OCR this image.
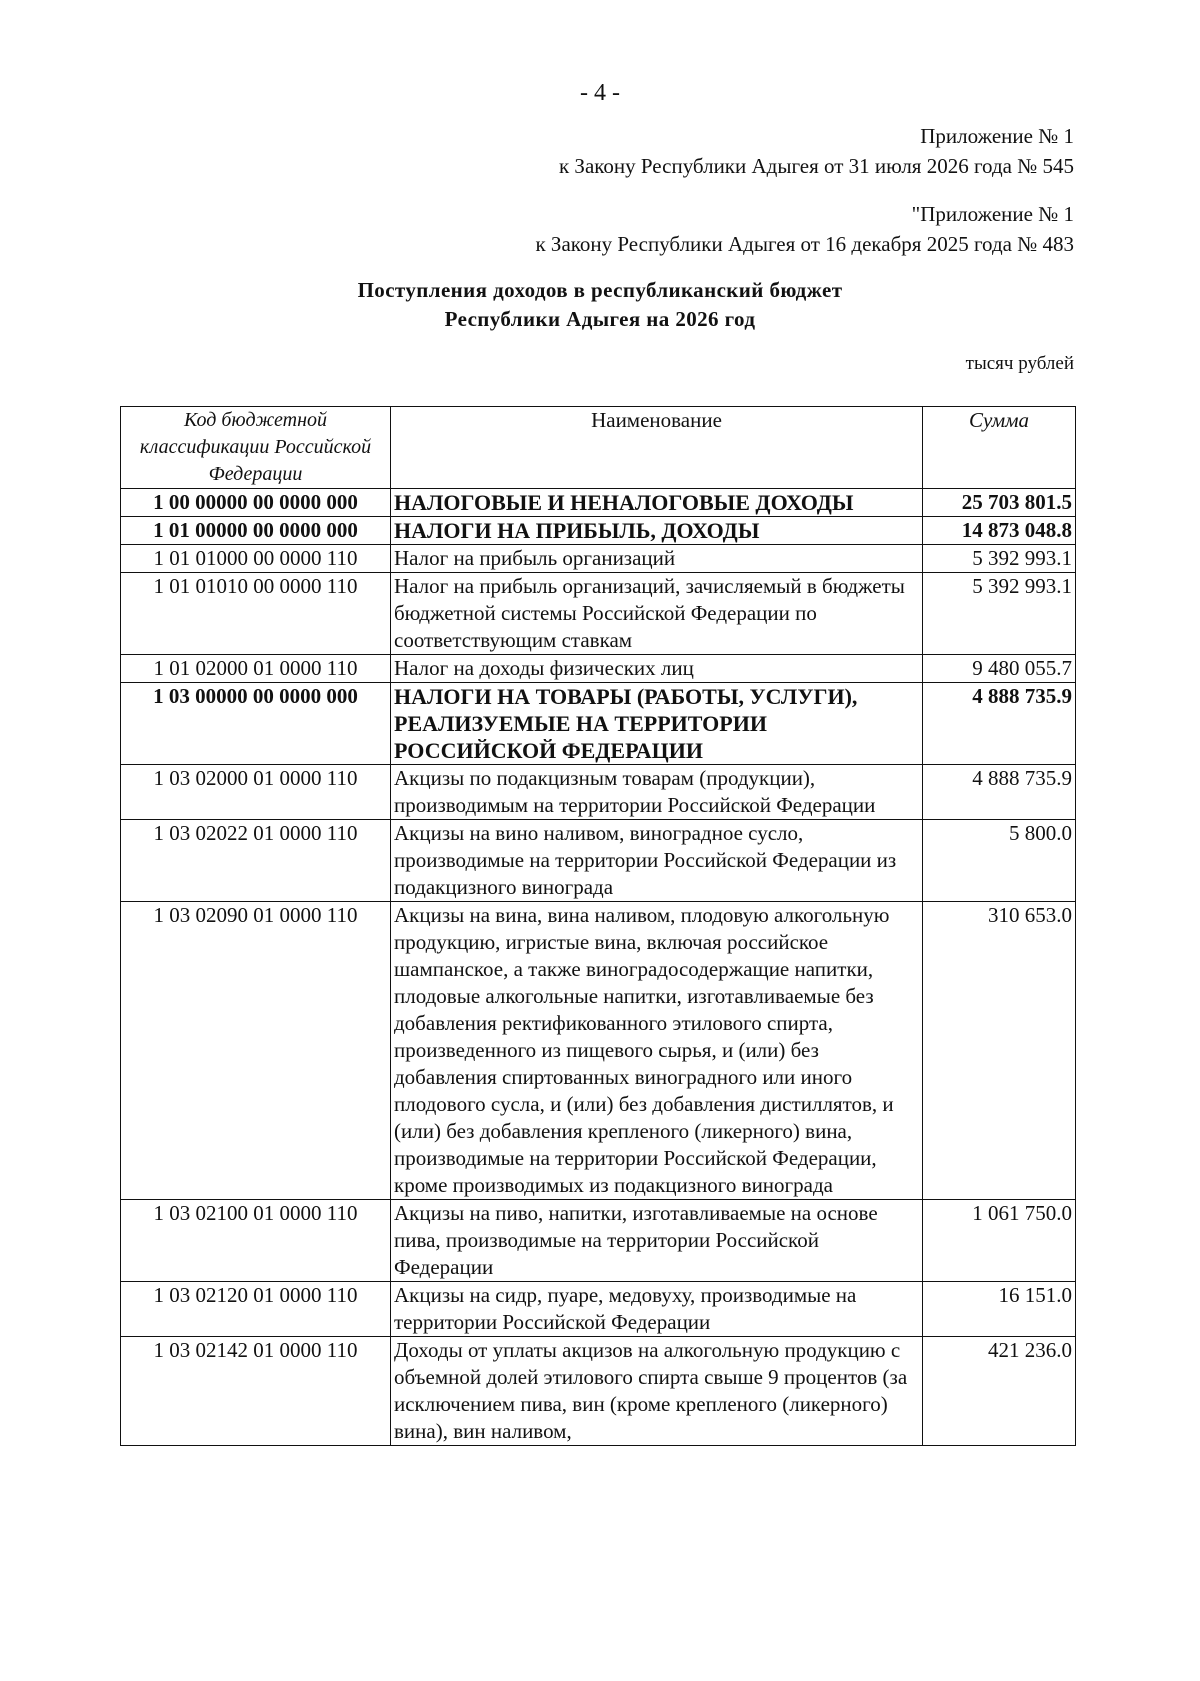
- 4 -
Приложение № 1
к Закону Республики Адыгея от 31 июля 2026 года № 545
"Приложение № 1
к Закону Республики Адыгея от 16 декабря 2025 года № 483
Поступления доходов в республиканский бюджет
Республики Адыгея на 2026 год
тысяч рублей
Код бюджетной классификации Российской Федерации	Наименование	Сумма
1 00 00000 00 0000 000	НАЛОГОВЫЕ И НЕНАЛОГОВЫЕ ДОХОДЫ	25 703 801.5
1 01 00000 00 0000 000	НАЛОГИ НА ПРИБЫЛЬ, ДОХОДЫ	14 873 048.8
1 01 01000 00 0000 110	Налог на прибыль организаций	5 392 993.1
1 01 01010 00 0000 110	Налог на прибыль организаций, зачисляемый в бюджеты бюджетной системы Российской Федерации по соответствующим ставкам	5 392 993.1
1 01 02000 01 0000 110	Налог на доходы физических лиц	9 480 055.7
1 03 00000 00 0000 000	НАЛОГИ НА ТОВАРЫ (РАБОТЫ, УСЛУГИ), РЕАЛИЗУЕМЫЕ НА ТЕРРИТОРИИ РОССИЙСКОЙ ФЕДЕРАЦИИ	4 888 735.9
1 03 02000 01 0000 110	Акцизы по подакцизным товарам (продукции), производимым на территории Российской Федерации	4 888 735.9
1 03 02022 01 0000 110	Акцизы на вино наливом, виноградное сусло, производимые на территории Российской Федерации из подакцизного винограда	5 800.0
1 03 02090 01 0000 110	Акцизы на вина, вина наливом, плодовую алкогольную продукцию, игристые вина, включая российское шампанское, а также виноградосодержащие напитки, плодовые алкогольные напитки, изготавливаемые без добавления ректификованного этилового спирта, произведенного из пищевого сырья, и (или) без добавления спиртованных виноградного или иного плодового сусла, и (или) без добавления дистиллятов, и (или) без добавления крепленого (ликерного) вина, производимые на территории Российской Федерации, кроме производимых из подакцизного винограда	310 653.0
1 03 02100 01 0000 110	Акцизы на пиво, напитки, изготавливаемые на основе пива, производимые на территории Российской Федерации	1 061 750.0
1 03 02120 01 0000 110	Акцизы на сидр, пуаре, медовуху, производимые на территории Российской Федерации	16 151.0
1 03 02142 01 0000 110	Доходы от уплаты акцизов на алкогольную продукцию с объемной долей этилового спирта свыше 9 процентов (за исключением пива, вин (кроме крепленого (ликерного) вина), вин наливом,	421 236.0
